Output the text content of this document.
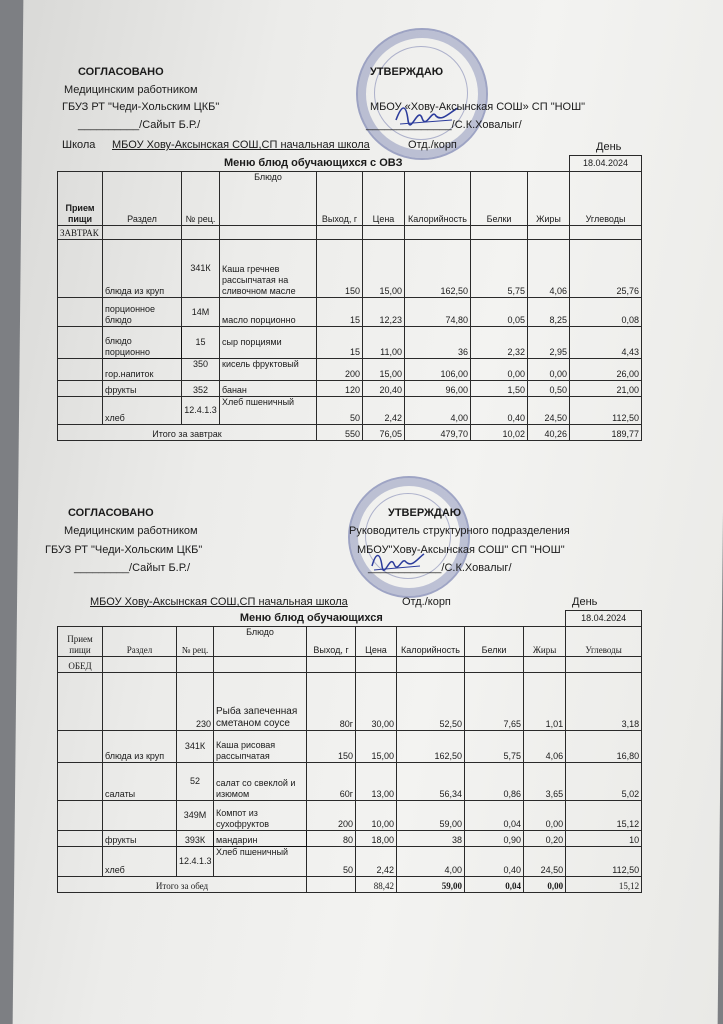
СОГЛАСОВАНО	УТВЕРЖДАЮ
Медицинским работником
ГБУЗ РТ "Чеди-Хольским ЦКБ"	МБОУ «Хову-Аксынская СОШ» СП "НОШ"
__________/Сайыт Б.Р./	______________/С.К.Ховалыг/
Школа МБОУ Хову-Аксынская СОШ,СП начальная школа	Отд./корп	День
Меню блюд обучающихся с ОВЗ									18.04.2024
Прием пищи	Раздел	№ рец.	Блюдо	Выход, г	Цена	Калорийность	Белки	Жиры	Углеводы
ЗАВТРАК									
	блюда из круп	341К	Каша гречнев рассыпчатая на сливочном масле	150	15,00	162,50	5,75	4,06	25,76
	порционное блюдо	14М	масло порционно	15	12,23	74,80	0,05	8,25	0,08
	блюдо порционно	15	сыр порциями	15	11,00	36	2,32	2,95	4,43
	гор.напиток	350	кисель фруктовый	200	15,00	106,00	0,00	0,00	26,00
	фрукты	352	банан	120	20,40	96,00	1,50	0,50	21,00
	хлеб	12.4.1.3	Хлеб пшеничный	50	2,42	4,00	0,40	24,50	112,50
Итого за завтрак				550	76,05	479,70	10,02	40,26	189,77
СОГЛАСОВАНО	УТВЕРЖДАЮ
Медицинским работником	Руководитель структурного подразделения
ГБУЗ РТ "Чеди-Хольским ЦКБ"	МБОУ"Хову-Аксынская СОШ" СП "НОШ"
_________/Сайыт Б.Р./	____________/С.К.Ховалыг/
МБОУ Хову-Аксынская СОШ,СП начальная школа	Отд./корп	День
Меню блюд обучающихся									18.04.2024
Прием пищи	Раздел	№ рец.	Блюдо	Выход, г	Цена	Калорийность	Белки	Жиры	Углеводы
ОБЕД									
		230	Рыба запеченная сметаном соусе	80г	30,00	52,50	7,65	1,01	3,18
	блюда из круп	341К	Каша рисовая рассыпчатая	150	15,00	162,50	5,75	4,06	16,80
	салаты	52	салат со свеклой и изюмом	60г	13,00	56,34	0,86	3,65	5,02
		349М	Компот из сухофруктов	200	10,00	59,00	0,04	0,00	15,12
	фрукты	393К	мандарин	80	18,00	38	0,90	0,20	10
	хлеб	12.4.1.3	Хлеб пшеничный	50	2,42	4,00	0,40	24,50	112,50
Итого за обед					88,42	59,00	0,04	0,00	15,12
